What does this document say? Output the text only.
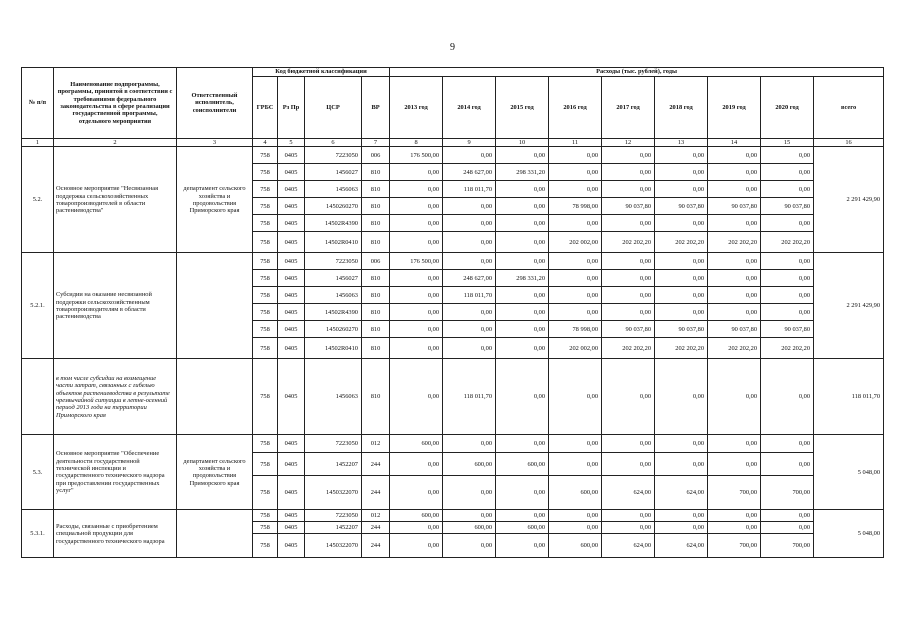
9
№ п/п	Наименование подпрограммы, программы, принятой в соответствии с требованиями федерального законодательства в сфере реализации государственной программы, отдельного мероприятия	Ответственный исполнитель, соисполнители	Код бюджетной классификации				Расходы (тыс. рублей), годы								
			ГРБС	Рз Пр	ЦСР	ВР	2013 год	2014 год	2015 год	2016 год	2017 год	2018 год	2019 год	2020 год	всего
1	2	3	4	5	6	7	8	9	10	11	12	13	14	15	16
5.2.	Основное мероприятие "Несвязанная поддержка сельскохозяйственных товаропроизводителей в области растениеводства"	департамент сельского хозяйства и продовольствия Приморского края	758	0405	7223050	006	176 500,00	0,00	0,00	0,00	0,00	0,00	0,00	0,00	2 291 429,90
			758	0405	1456027	810	0,00	248 627,00	298 331,20	0,00	0,00	0,00	0,00	0,00	
			758	0405	1456063	810	0,00	118 011,70	0,00	0,00	0,00	0,00	0,00	0,00	
			758	0405	1450260270	810	0,00	0,00	0,00	78 998,00	90 037,80	90 037,80	90 037,80	90 037,80	
			758	0405	14502R4390	810	0,00	0,00	0,00	0,00	0,00	0,00	0,00	0,00	
			758	0405	14502R0410	810	0,00	0,00	0,00	202 002,00	202 202,20	202 202,20	202 202,20	202 202,20	
5.2.1.	Субсидии на оказание несвязанной поддержки сельскохозяйственным товаропроизводителям в области растениеводства		758	0405	7223050	006	176 500,00	0,00	0,00	0,00	0,00	0,00	0,00	0,00	2 291 429,90
			758	0405	1456027	810	0,00	248 627,00	298 331,20	0,00	0,00	0,00	0,00	0,00	
			758	0405	1456063	810	0,00	118 011,70	0,00	0,00	0,00	0,00	0,00	0,00	
			758	0405	14502R4390	810	0,00	0,00	0,00	0,00	0,00	0,00	0,00	0,00	
			758	0405	1450260270	810	0,00	0,00	0,00	78 998,00	90 037,80	90 037,80	90 037,80	90 037,80	
			758	0405	14502R0410	810	0,00	0,00	0,00	202 002,00	202 202,20	202 202,20	202 202,20	202 202,20	
	в том числе субсидии на возмещение части затрат, связанных с гибелью объектов растениеводства в результате чрезвычайной ситуации в летне-осенний период 2013 года на территории Приморского края		758	0405	1456063	810	0,00	118 011,70	0,00	0,00	0,00	0,00	0,00	0,00	118 011,70
5.3.	Основное мероприятие "Обеспечение деятельности государственной технической инспекции и государственного технического надзора при предоставлении государственных услуг"	департамент сельского хозяйства и продовольствия Приморского края	758	0405	7223050	012	600,00	0,00	0,00	0,00	0,00	0,00	0,00	0,00	5 048,00
			758	0405	1452207	244	0,00	600,00	600,00	0,00	0,00	0,00	0,00	0,00	
			758	0405	1450322070	244	0,00	0,00	0,00	600,00	624,00	624,00	700,00	700,00	
5.3.1.	Расходы, связанные с приобретением специальной продукции для государственного технического надзора		758	0405	7223050	012	600,00	0,00	0,00	0,00	0,00	0,00	0,00	0,00	5 048,00
			758	0405	1452207	244	0,00	600,00	600,00	0,00	0,00	0,00	0,00	0,00	
			758	0405	1450322070	244	0,00	0,00	0,00	600,00	624,00	624,00	700,00	700,00	
